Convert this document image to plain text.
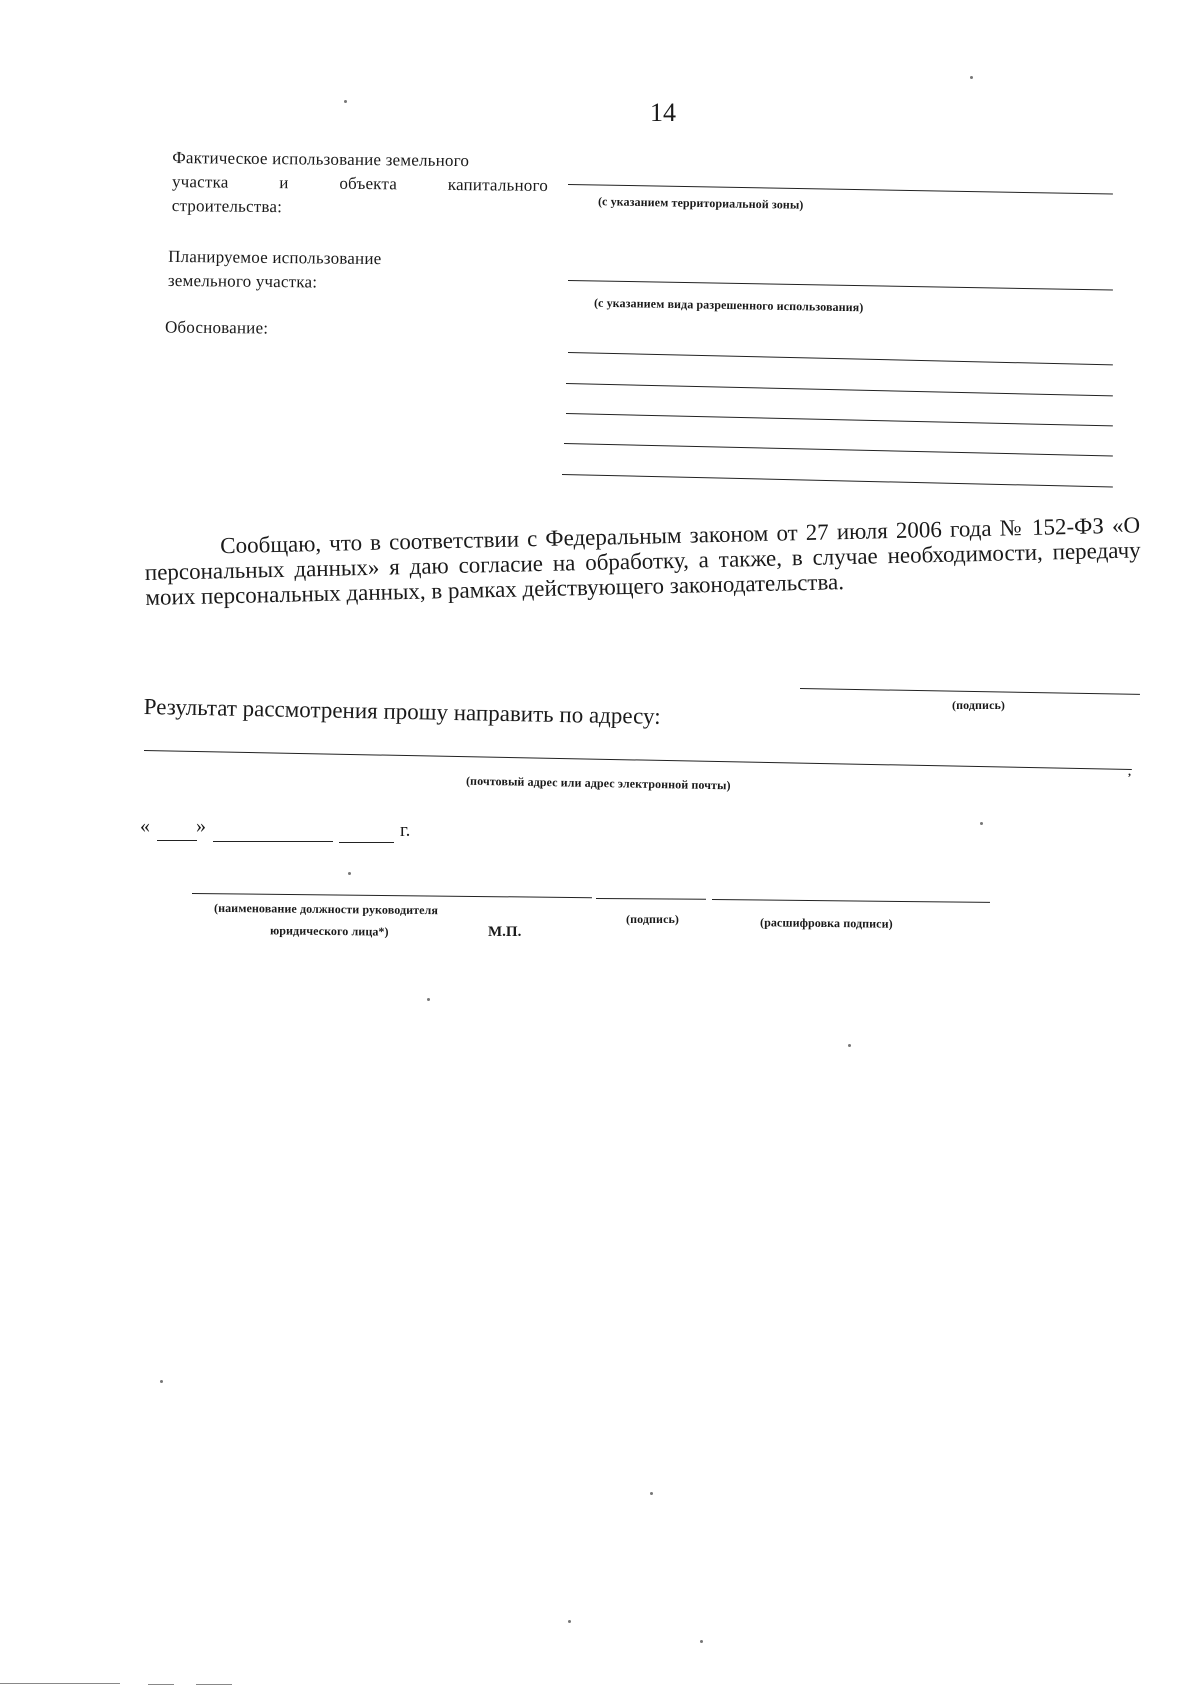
14
Фактическое использование земельного
участка	и	объекта	капитального
строительства:	(с указанием территориальной зоны)
Планируемое использование
земельного участка:
(с указанием вида разрешенного использования)
Обоснование:
Сообщаю, что в соответствии с Федеральным законом от 27 июля 2006 года № 152-ФЗ «О персональных данных» я даю согласие на обработку, а также, в случае необходимости, передачу моих персональных данных, в рамках действующего законодательства.
(подпись)
Результат рассмотрения прошу направить по адресу:
,
(почтовый адрес или адрес электронной почты)
« »	г.
(наименование должности руководителя
юридического лица*)	М.П.
(подпись)	(расшифровка подписи)
